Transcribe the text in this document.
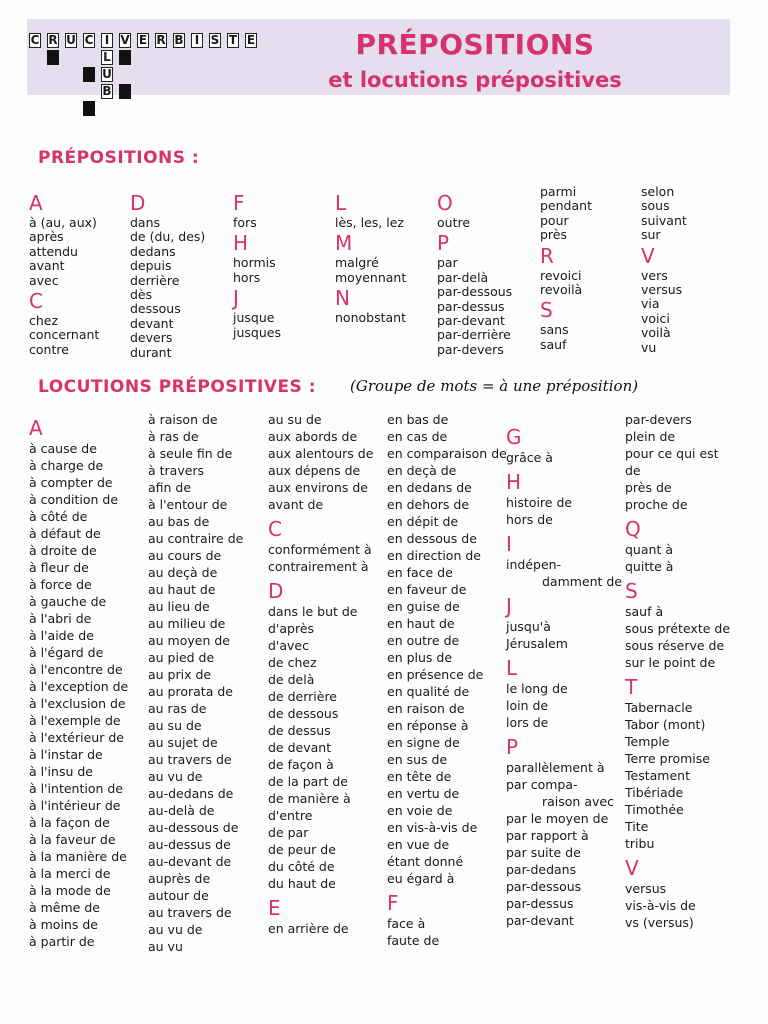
C R U C I V E R B I S T E
L
U
B
PRÉPOSITIONS
et locutions prépositives
PRÉPOSITIONS :
A
à (au, aux)
après
attendu
avant
avec
C
chez
concernant
contre
D
dans
de (du, des)
dedans
depuis
derrière
dès
dessous
devant
devers
durant
F
fors
H
hormis
hors
J
jusque
jusques
L
lès, les, lez
M
malgré
moyennant
N
nonobstant
O
outre
P
par
par-delà
par-dessous
par-dessus
par-devant
par-derrière
par-devers
parmi
pendant
pour
près
R
revoici
revoilà
S
sans
sauf
selon
sous
suivant
sur
V
vers
versus
via
voici
voilà
vu
LOCUTIONS PRÉPOSITIVES : (Groupe de mots = à une préposition)
A
à cause de
à charge de
à compter de
à condition de
à côté de
à défaut de
à droite de
à fleur de
à force de
à gauche de
à l'abri de
à l'aide de
à l'égard de
à l'encontre de
à l'exception de
à l'exclusion de
à l'exemple de
à l'extérieur de
à l'instar de
à l'insu de
à l'intention de
à l'intérieur de
à la façon de
à la faveur de
à la manière de
à la merci de
à la mode de
à même de
à moins de
à partir de
à raison de
à ras de
à seule fin de
à travers
afin de
à l'entour de
au bas de
au contraire de
au cours de
au deçà de
au haut de
au lieu de
au milieu de
au moyen de
au pied de
au prix de
au prorata de
au ras de
au su de
au sujet de
au travers de
au vu de
au-dedans de
au-delà de
au-dessous de
au-dessus de
au-devant de
auprès de
autour de
au travers de
au vu de
au vu
au su de
aux abords de
aux alentours de
aux dépens de
aux environs de
avant de
C
conformément à
contrairement à
D
dans le but de
d'après
d'avec
de chez
de delà
de derrière
de dessous
de dessus
de devant
de façon à
de la part de
de manière à
d'entre
de par
de peur de
du côté de
du haut de
E
en arrière de
en bas de
en cas de
en comparaison de
en deçà de
en dedans de
en dehors de
en dépit de
en dessous de
en direction de
en face de
en faveur de
en guise de
en haut de
en outre de
en plus de
en présence de
en qualité de
en raison de
en réponse à
en signe de
en sus de
en tête de
en vertu de
en voie de
en vis-à-vis de
en vue de
étant donné
eu égard à
F
face à
faute de
G
grâce à
H
histoire de
hors de
I
indépen-
damment de
J
jusqu'à
Jérusalem
L
le long de
loin de
lors de
P
parallèlement à
par compa-
raison avec
par le moyen de
par rapport à
par suite de
par-dedans
par-dessous
par-dessus
par-devant
par-devers
plein de
pour ce qui est
de
près de
proche de
Q
quant à
quitte à
S
sauf à
sous prétexte de
sous réserve de
sur le point de
T
Tabernacle
Tabor (mont)
Temple
Terre promise
Testament
Tibériade
Timothée
Tite
tribu
V
versus
vis-à-vis de
vs (versus)
